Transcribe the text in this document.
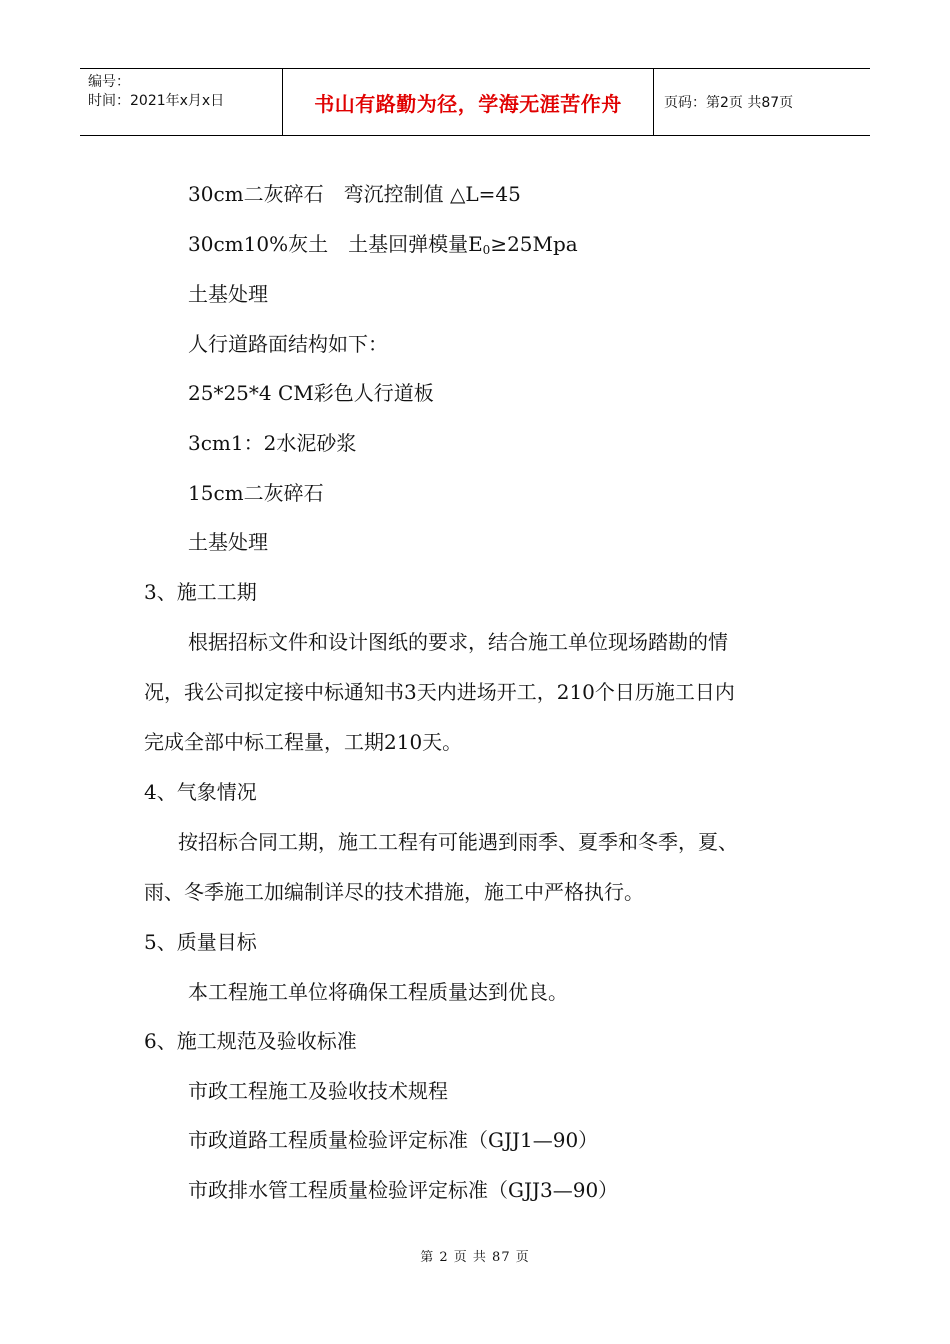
编号：
时间：2021年x月x日	书山有路勤为径，学海无涯苦作舟	页码：第2页 共87页
30cm二灰碎石　弯沉控制值 △L=45
30cm10%灰土　土基回弹模量$E_0\ge 25Mpa$
土基处理
人行道路面结构如下：
25*25*4 CM彩色人行道板
3cm1：2水泥砂浆
15cm二灰碎石
土基处理
3、施工工期
根据招标文件和设计图纸的要求，结合施工单位现场踏勘的情
况，我公司拟定接中标通知书3天内进场开工，210个日历施工日内
完成全部中标工程量，工期210天。
4、气象情况
按招标合同工期，施工工程有可能遇到雨季、夏季和冬季，夏、
雨、冬季施工加编制详尽的技术措施，施工中严格执行。
5、质量目标
本工程施工单位将确保工程质量达到优良。
6、施工规范及验收标准
市政工程施工及验收技术规程
市政道路工程质量检验评定标准（GJJ1—90）
市政排水管工程质量检验评定标准（GJJ3—90）
第 2 页 共 87 页
